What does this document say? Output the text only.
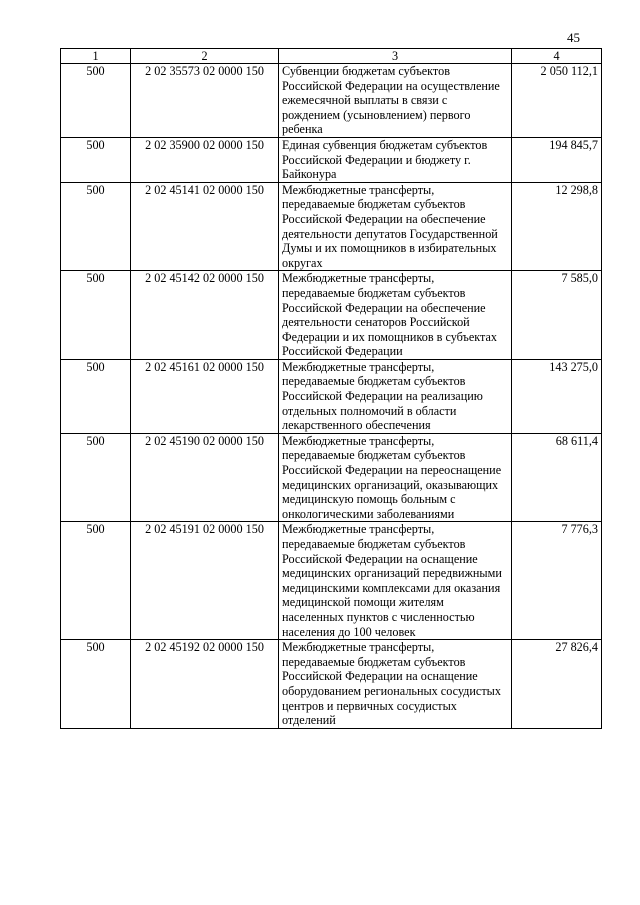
45
1	2	3	4
500	2 02 35573 02 0000 150	Субвенции бюджетам субъектов Российской Федерации на осуществление ежемесячной выплаты в связи с рождением (усыновлением) первого ребенка	2 050 112,1
500	2 02 35900 02 0000 150	Единая субвенция бюджетам субъектов Российской Федерации и бюджету г. Байконура	194 845,7
500	2 02 45141 02 0000 150	Межбюджетные трансферты, передаваемые бюджетам субъектов Российской Федерации на обеспечение деятельности депутатов Государственной Думы и их помощников в избирательных округах	12 298,8
500	2 02 45142 02 0000 150	Межбюджетные трансферты, передаваемые бюджетам субъектов Российской Федерации на обеспечение деятельности сенаторов Российской Федерации и их помощников в субъектах Российской Федерации	7 585,0
500	2 02 45161 02 0000 150	Межбюджетные трансферты, передаваемые бюджетам субъектов Российской Федерации на реализацию отдельных полномочий в области лекарственного обеспечения	143 275,0
500	2 02 45190 02 0000 150	Межбюджетные трансферты, передаваемые бюджетам субъектов Российской Федерации на переоснащение медицинских организаций, оказывающих медицинскую помощь больным с онкологическими заболеваниями	68 611,4
500	2 02 45191 02 0000 150	Межбюджетные трансферты, передаваемые бюджетам субъектов Российской Федерации на оснащение медицинских организаций передвижными медицинскими комплексами для оказания медицинской помощи жителям населенных пунктов с численностью населения до 100 человек	7 776,3
500	2 02 45192 02 0000 150	Межбюджетные трансферты, передаваемые бюджетам субъектов Российской Федерации на оснащение оборудованием региональных сосудистых центров и первичных сосудистых отделений	27 826,4
